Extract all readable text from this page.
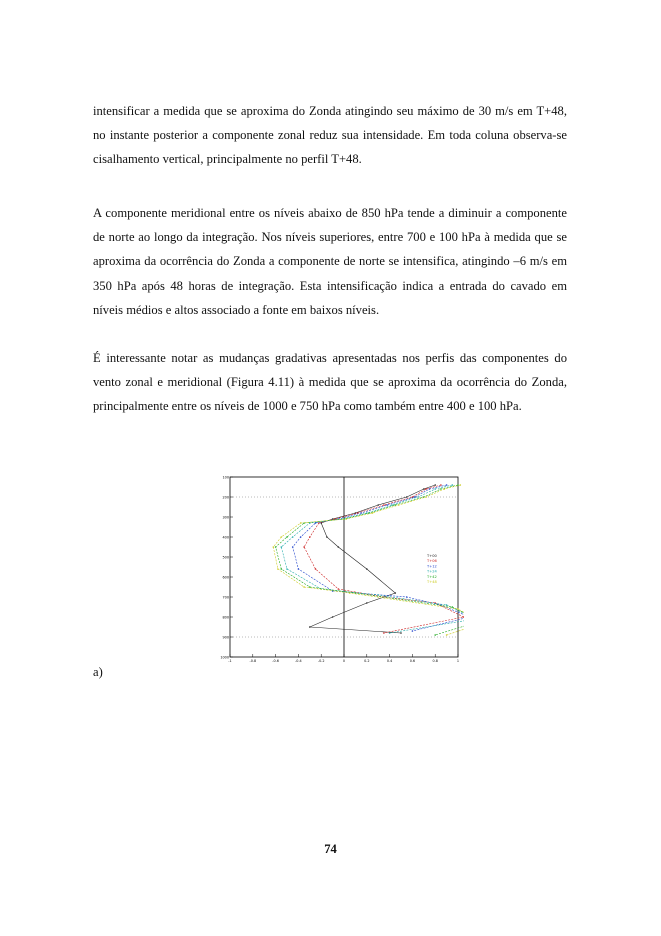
intensificar a medida que se aproxima do Zonda atingindo seu máximo de 30 m/s em T+48, no instante posterior a componente zonal reduz sua intensidade. Em toda coluna observa-se cisalhamento vertical, principalmente no perfil T+48.

A componente meridional entre os níveis abaixo de 850 hPa tende a diminuir a componente de norte ao longo da integração. Nos níveis superiores, entre 700 e 100 hPa à medida que se aproxima da ocorrência do Zonda a componente de norte se intensifica, atingindo –6 m/s em 350 hPa após 48 horas de integração. Esta intensificação indica a entrada do cavado em níveis médios e altos associado a fonte em baixos níveis.

É interessante notar as mudanças gradativas apresentadas nos perfis das componentes do vento zonal e meridional (Figura 4.11) à medida que se aproxima da ocorrência do Zonda, principalmente entre os níveis de 1000 e 750 hPa como também entre 400 e 100 hPa.

100
200
300
400
500
600
700
800
900
1000
-1	-0.8	-0.6	-0.4	-0.2	0	0.2	0.4	0.6	0.8	1
T+00
T+06
T+12
T+24
T+42
T+48

a)

74
